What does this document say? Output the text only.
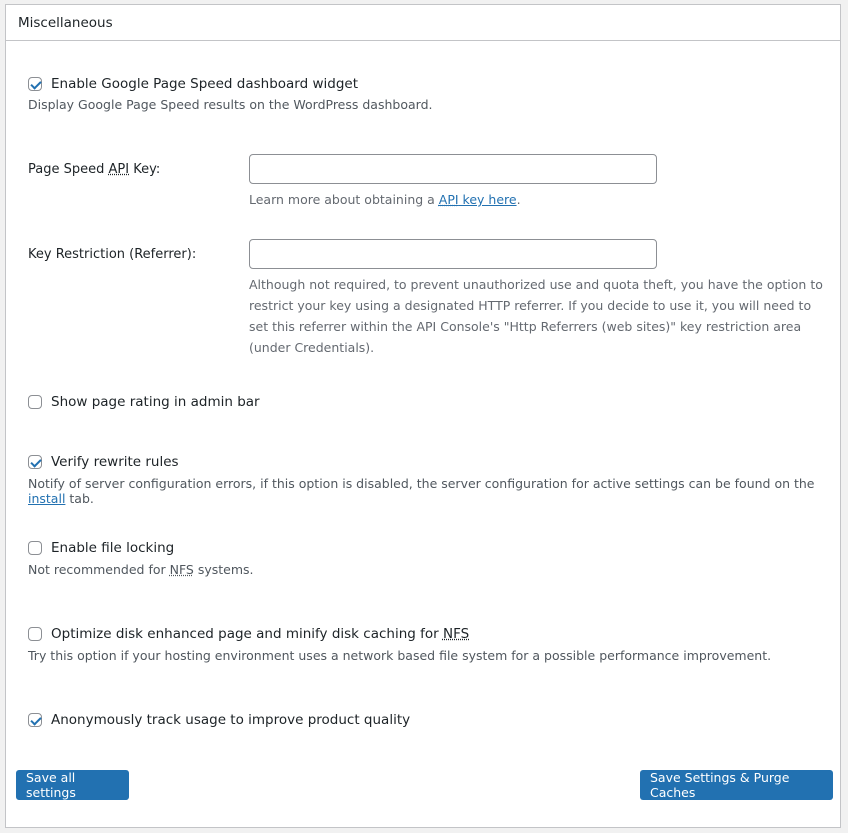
Miscellaneous
Enable Google Page Speed dashboard widget
Display Google Page Speed results on the WordPress dashboard.
Page Speed API Key:
Learn more about obtaining a API key here.
Key Restriction (Referrer):
Although not required, to prevent unauthorized use and quota theft, you have the option to restrict your key using a designated HTTP referrer. If you decide to use it, you will need to set this referrer within the API Console's "Http Referrers (web sites)" key restriction area (under Credentials).
Show page rating in admin bar
Verify rewrite rules
Notify of server configuration errors, if this option is disabled, the server configuration for active settings can be found on the install tab.
Enable file locking
Not recommended for NFS systems.
Optimize disk enhanced page and minify disk caching for NFS
Try this option if your hosting environment uses a network based file system for a possible performance improvement.
Anonymously track usage to improve product quality
Save all settings
Save Settings & Purge Caches
